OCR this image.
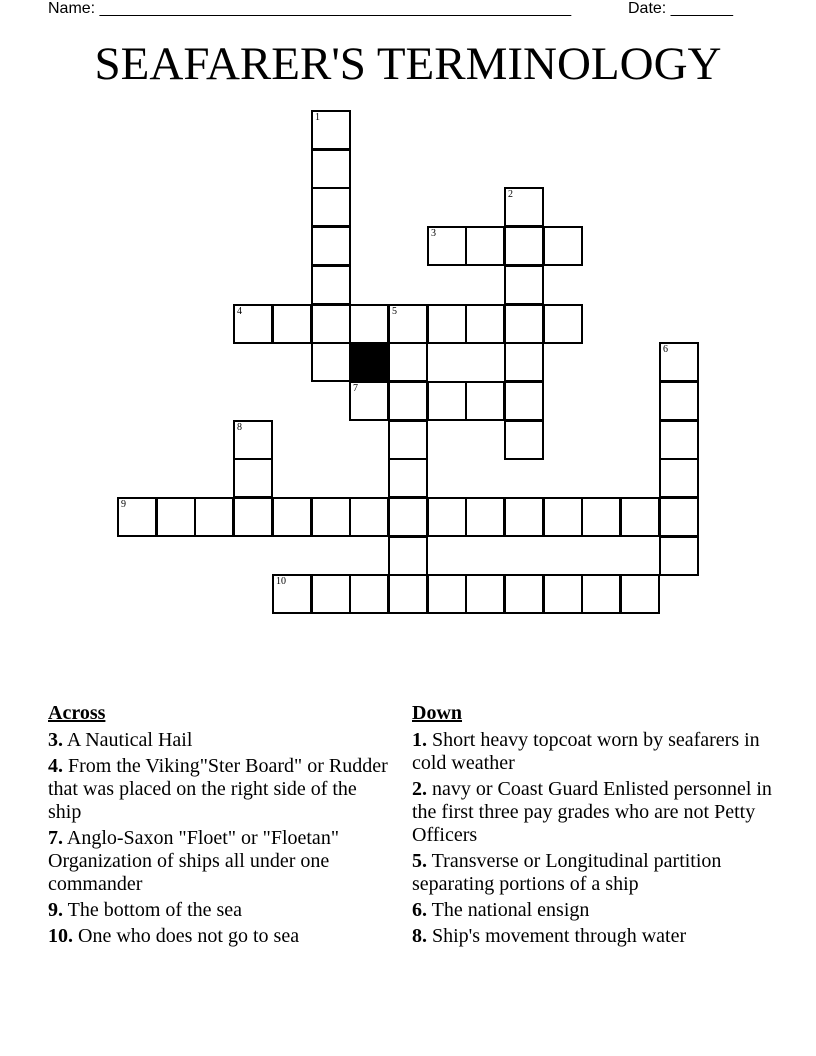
Name: _____________________________________________________	Date: _______
SEAFARER'S TERMINOLOGY
1
2
3
4	5
6
7
8
9
10
Across
3. A Nautical Hail
4. From the Viking"Ster Board" or Rudder that was placed on the right side of the ship
7. Anglo-Saxon "Floet" or "Floetan" Organization of ships all under one commander
9. The bottom of the sea
10. One who does not go to sea
Down
1. Short heavy topcoat worn by seafarers in cold weather
2. navy or Coast Guard Enlisted personnel in the first three pay grades who are not Petty Officers
5. Transverse or Longitudinal partition separating portions of a ship
6. The national ensign
8. Ship's movement through water
